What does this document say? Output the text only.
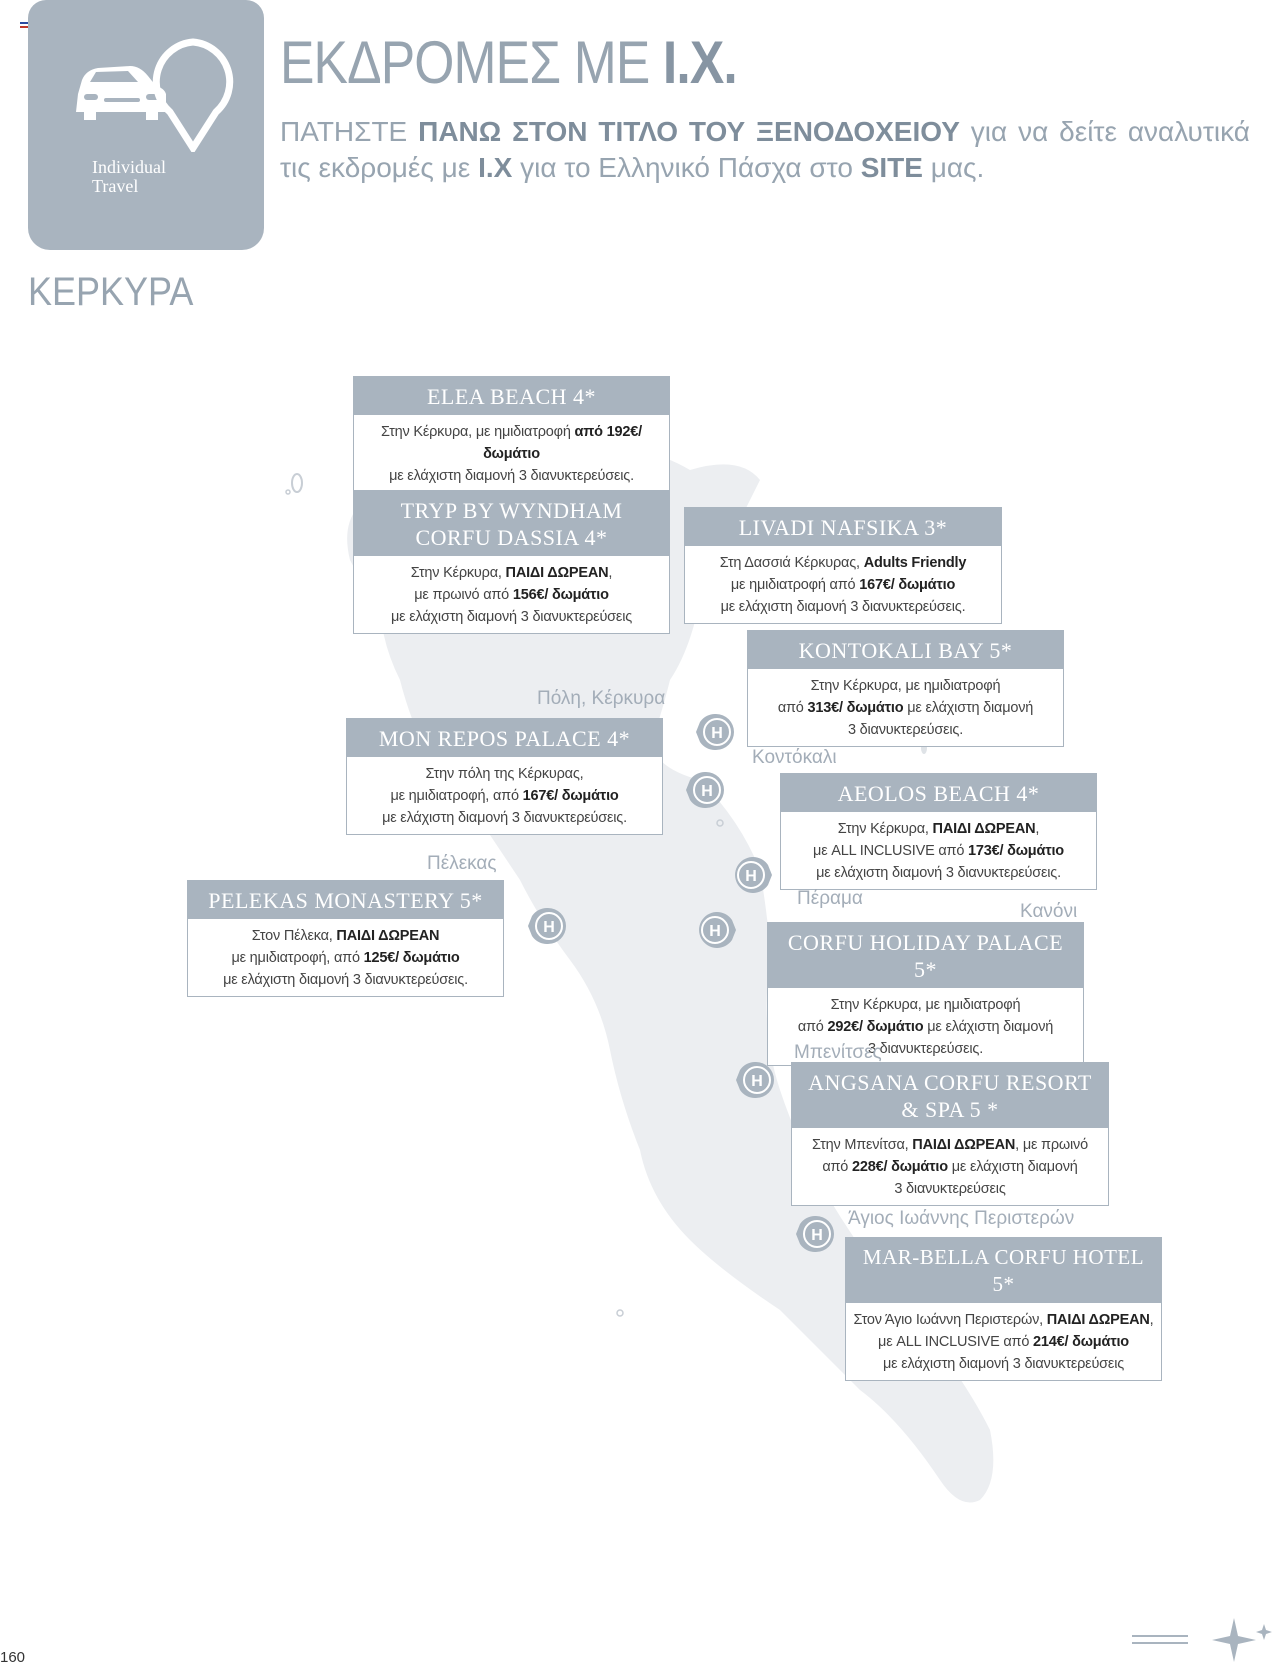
Individual
Travel
ΕΚΔΡΟΜΕΣ ΜΕ I.X.
ΠΑΤΗΣΤΕ ΠΑΝΩ ΣΤΟΝ ΤΙΤΛΟ ΤΟΥ ΞΕΝΟΔΟΧΕΙΟΥ για να δείτε αναλυτικά τις εκδρομές με I.X για το Ελληνικό Πάσχα στο SITE μας.
ΚΕΡΚΥΡΑ
ELEA BEACH 4*
Στην Κέρκυρα, με ημιδιατροφή από 192€/ δωμάτιο
με ελάχιστη διαμονή 3 διανυκτερεύσεις.
TRYP BY WYNDHAM
CORFU DASSIA 4*
Στην Κέρκυρα, ΠΑΙΔΙ ΔΩΡΕΑΝ,
με πρωινό από 156€/ δωμάτιο
με ελάχιστη διαμονή 3 διανυκτερεύσεις
LIVADI NAFSIKA 3*
Στη Δασσιά Κέρκυρας, Adults Friendly
με ημιδιατροφή από 167€/ δωμάτιο
με ελάχιστη διαμονή 3 διανυκτερεύσεις.
KONTOKALI BAY 5*
Στην Κέρκυρα, με ημιδιατροφή
από 313€/ δωμάτιο με ελάχιστη διαμονή
3 διανυκτερεύσεις.
MON REPOS PALACE 4*
Στην πόλη της Κέρκυρας,
με ημιδιατροφή, από 167€/ δωμάτιο
με ελάχιστη διαμονή 3 διανυκτερεύσεις.
AEOLOS BEACH 4*
Στην Κέρκυρα, ΠΑΙΔΙ ΔΩΡΕΑΝ,
με ALL INCLUSIVE από 173€/ δωμάτιο
με ελάχιστη διαμονή 3 διανυκτερεύσεις.
PELEKAS MONASTERY 5*
Στον Πέλεκα, ΠΑΙΔΙ ΔΩΡΕΑΝ
με ημιδιατροφή, από 125€/ δωμάτιο
με ελάχιστη διαμονή 3 διανυκτερεύσεις.
CORFU HOLIDAY PALACE 5*
Στην Κέρκυρα, με ημιδιατροφή
από 292€/ δωμάτιο με ελάχιστη διαμονή
3 διανυκτερεύσεις.
ANGSANA CORFU RESORT
& SPA 5 *
Στην Μπενίτσα, ΠΑΙΔΙ ΔΩΡΕΑΝ, με πρωινό
από 228€/ δωμάτιο με ελάχιστη διαμονή
3 διανυκτερεύσεις
MAR-BELLA CORFU HOTEL 5*
Στον Άγιο Ιωάννη Περιστερών, ΠΑΙΔΙ ΔΩΡΕΑΝ,
με ALL INCLUSIVE από 214€/ δωμάτιο
με ελάχιστη διαμονή 3 διανυκτερεύσεις
Πόλη, Κέρκυρα
Κοντόκαλι
Πέλεκας
Πέραμα
Κανόνι
Μπενίτσες
Άγιος Ιωάννης Περιστερών
H
H
H
H	H
H
H
160
